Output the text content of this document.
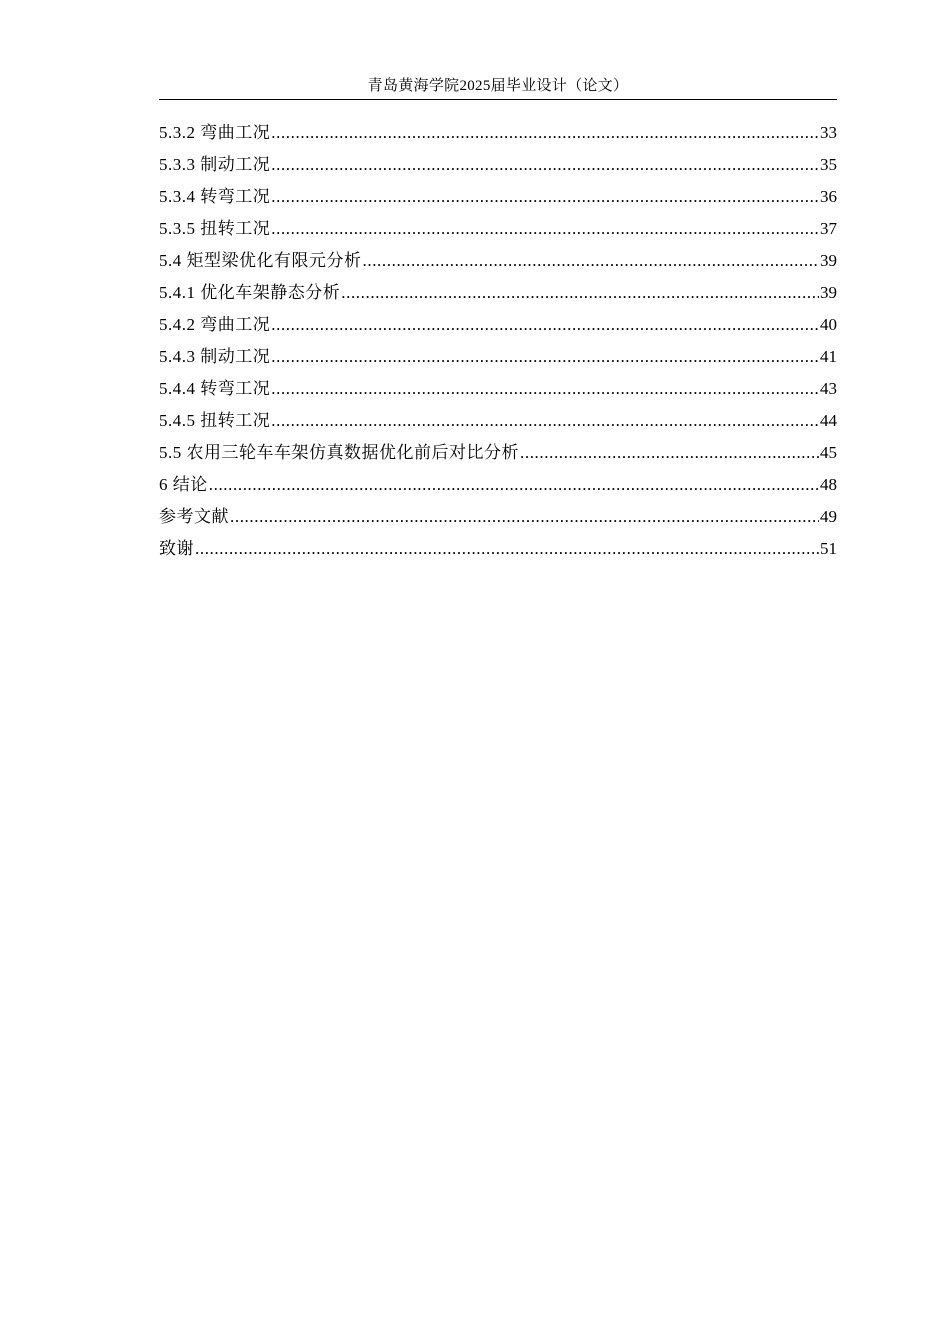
青岛黄海学院2025届毕业设计（论文）
5.3.2 弯曲工况 .....	33
5.3.3 制动工况 .....	35
5.3.4 转弯工况 .....	36
5.3.5 扭转工况 .....	37
5.4 矩型梁优化有限元分析 .....	39
5.4.1 优化车架静态分析 .....	39
5.4.2 弯曲工况 .....	40
5.4.3 制动工况 .....	41
5.4.4 转弯工况 .....	43
5.4.5 扭转工况 .....	44
5.5 农用三轮车车架仿真数据优化前后对比分析 .....	45
6 结论 .....	48
参考文献 .....	49
致谢 .....	51
